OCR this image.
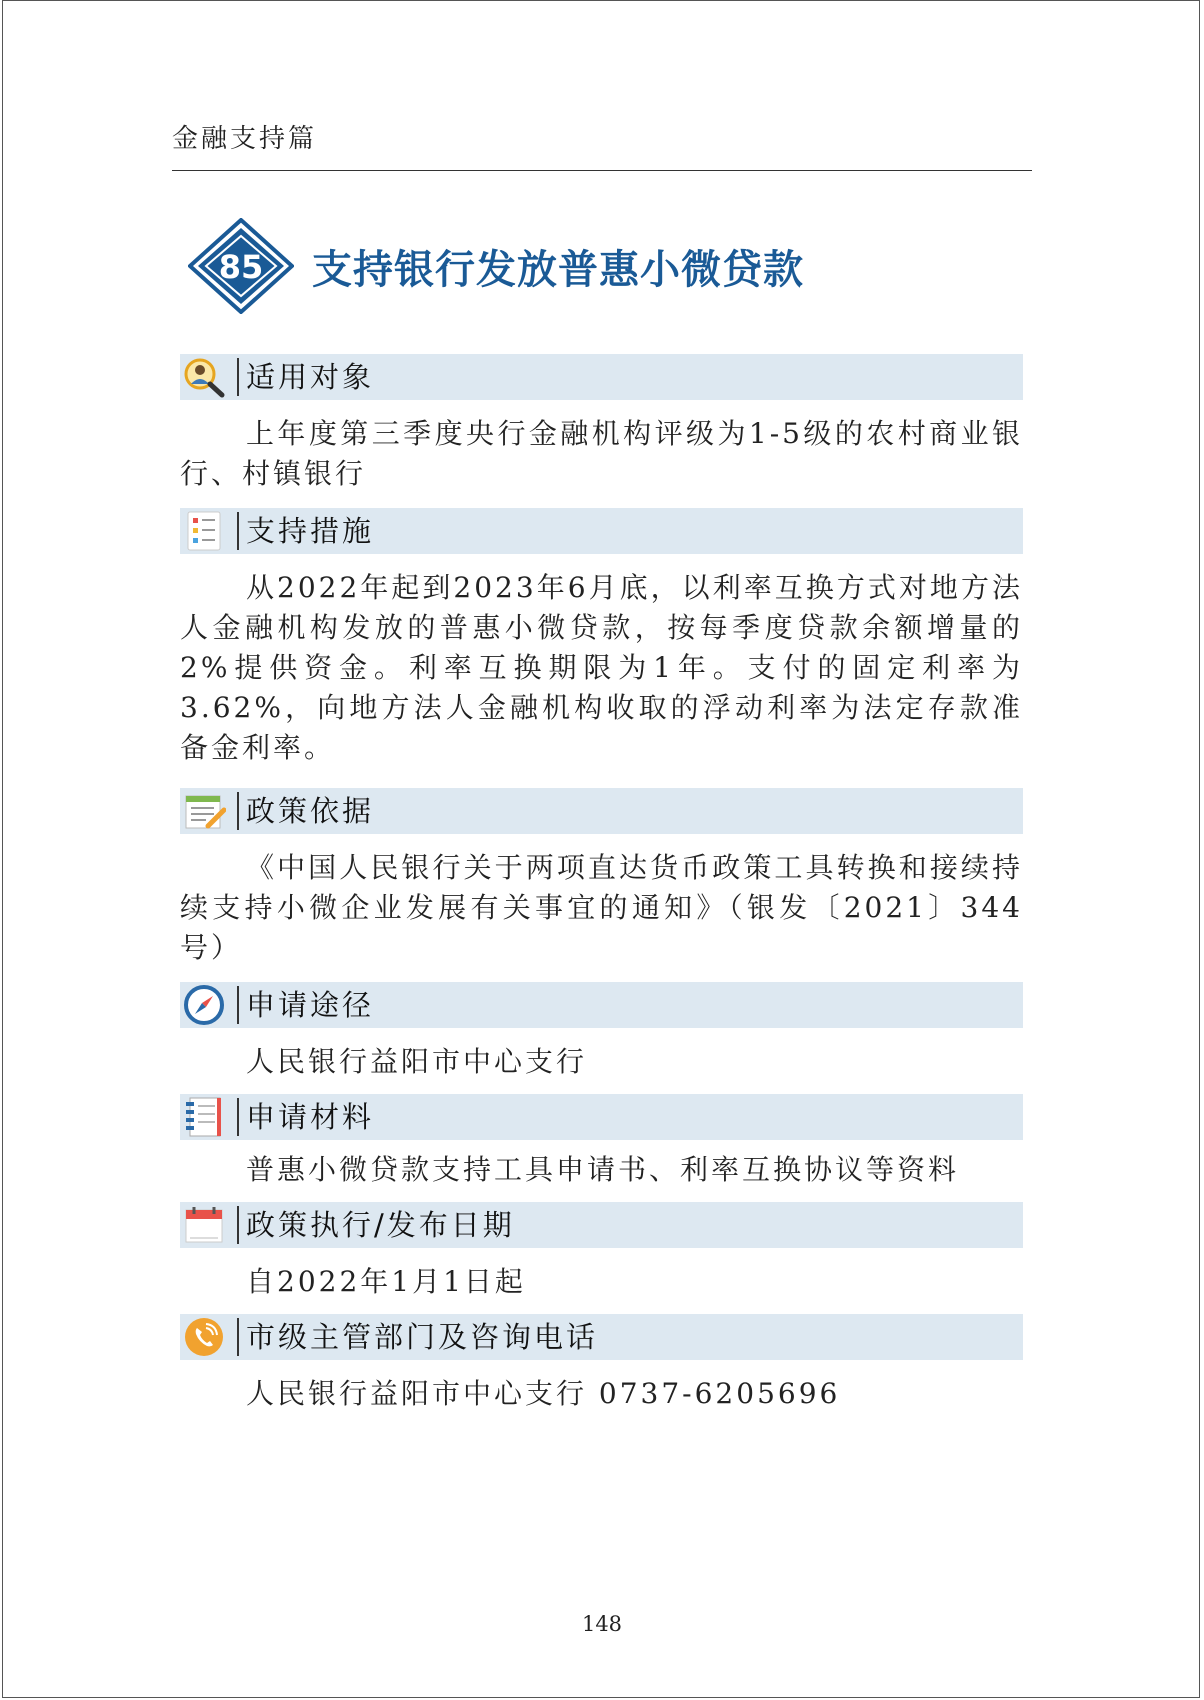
金融支持篇
85 支持银行发放普惠小微贷款
适用对象
上年度第三季度央行金融机构评级为1-5级的农村商业银行、村镇银行
支持措施
从2022年起到2023年6月底，以利率互换方式对地方法人金融机构发放的普惠小微贷款，按每季度贷款余额增量的2%提供资金。利率互换期限为1年。支付的固定利率为3.62%，向地方法人金融机构收取的浮动利率为法定存款准备金利率。
政策依据
《中国人民银行关于两项直达货币政策工具转换和接续持续支持小微企业发展有关事宜的通知》（银发〔2021〕344号）
申请途径
人民银行益阳市中心支行
申请材料
普惠小微贷款支持工具申请书、利率互换协议等资料
政策执行/发布日期
自2022年1月1日起
市级主管部门及咨询电话
人民银行益阳市中心支行 0737-6205696
148
